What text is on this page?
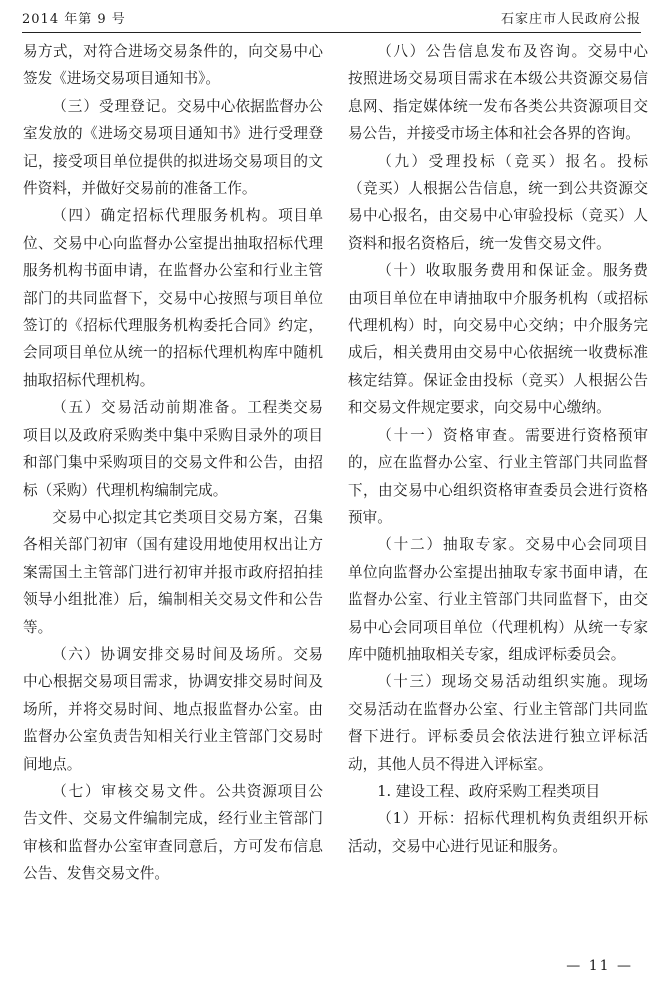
2014 年第 9 号	石家庄市人民政府公报

易方式，对符合进场交易条件的，向交易中心签发《进场交易项目通知书》。

（三）受理登记。交易中心依据监督办公室发放的《进场交易项目通知书》进行受理登记，接受项目单位提供的拟进场交易项目的文件资料，并做好交易前的准备工作。

（四）确定招标代理服务机构。项目单位、交易中心向监督办公室提出抽取招标代理服务机构书面申请，在监督办公室和行业主管部门的共同监督下，交易中心按照与项目单位签订的《招标代理服务机构委托合同》约定，会同项目单位从统一的招标代理机构库中随机抽取招标代理机构。

（五）交易活动前期准备。工程类交易项目以及政府采购类中集中采购目录外的项目和部门集中采购项目的交易文件和公告，由招标（采购）代理机构编制完成。

交易中心拟定其它类项目交易方案，召集各相关部门初审（国有建设用地使用权出让方案需国土主管部门进行初审并报市政府招拍挂领导小组批准）后，编制相关交易文件和公告等。

（六）协调安排交易时间及场所。交易中心根据交易项目需求，协调安排交易时间及场所，并将交易时间、地点报监督办公室。由监督办公室负责告知相关行业主管部门交易时间地点。

（七）审核交易文件。公共资源项目公告文件、交易文件编制完成，经行业主管部门审核和监督办公室审查同意后，方可发布信息公告、发售交易文件。

（八）公告信息发布及咨询。交易中心按照进场交易项目需求在本级公共资源交易信息网、指定媒体统一发布各类公共资源项目交易公告，并接受市场主体和社会各界的咨询。

（九）受理投标（竞买）报名。投标（竞买）人根据公告信息，统一到公共资源交易中心报名，由交易中心审验投标（竞买）人资料和报名资格后，统一发售交易文件。

（十）收取服务费用和保证金。服务费由项目单位在申请抽取中介服务机构（或招标代理机构）时，向交易中心交纳；中介服务完成后，相关费用由交易中心依据统一收费标准核定结算。保证金由投标（竞买）人根据公告和交易文件规定要求，向交易中心缴纳。

（十一）资格审查。需要进行资格预审的，应在监督办公室、行业主管部门共同监督下，由交易中心组织资格审查委员会进行资格预审。

（十二）抽取专家。交易中心会同项目单位向监督办公室提出抽取专家书面申请，在监督办公室、行业主管部门共同监督下，由交易中心会同项目单位（代理机构）从统一专家库中随机抽取相关专家，组成评标委员会。

（十三）现场交易活动组织实施。现场交易活动在监督办公室、行业主管部门共同监督下进行。评标委员会依法进行独立评标活动，其他人员不得进入评标室。

1. 建设工程、政府采购工程类项目

（1）开标：招标代理机构负责组织开标活动，交易中心进行见证和服务。

— 11 —
